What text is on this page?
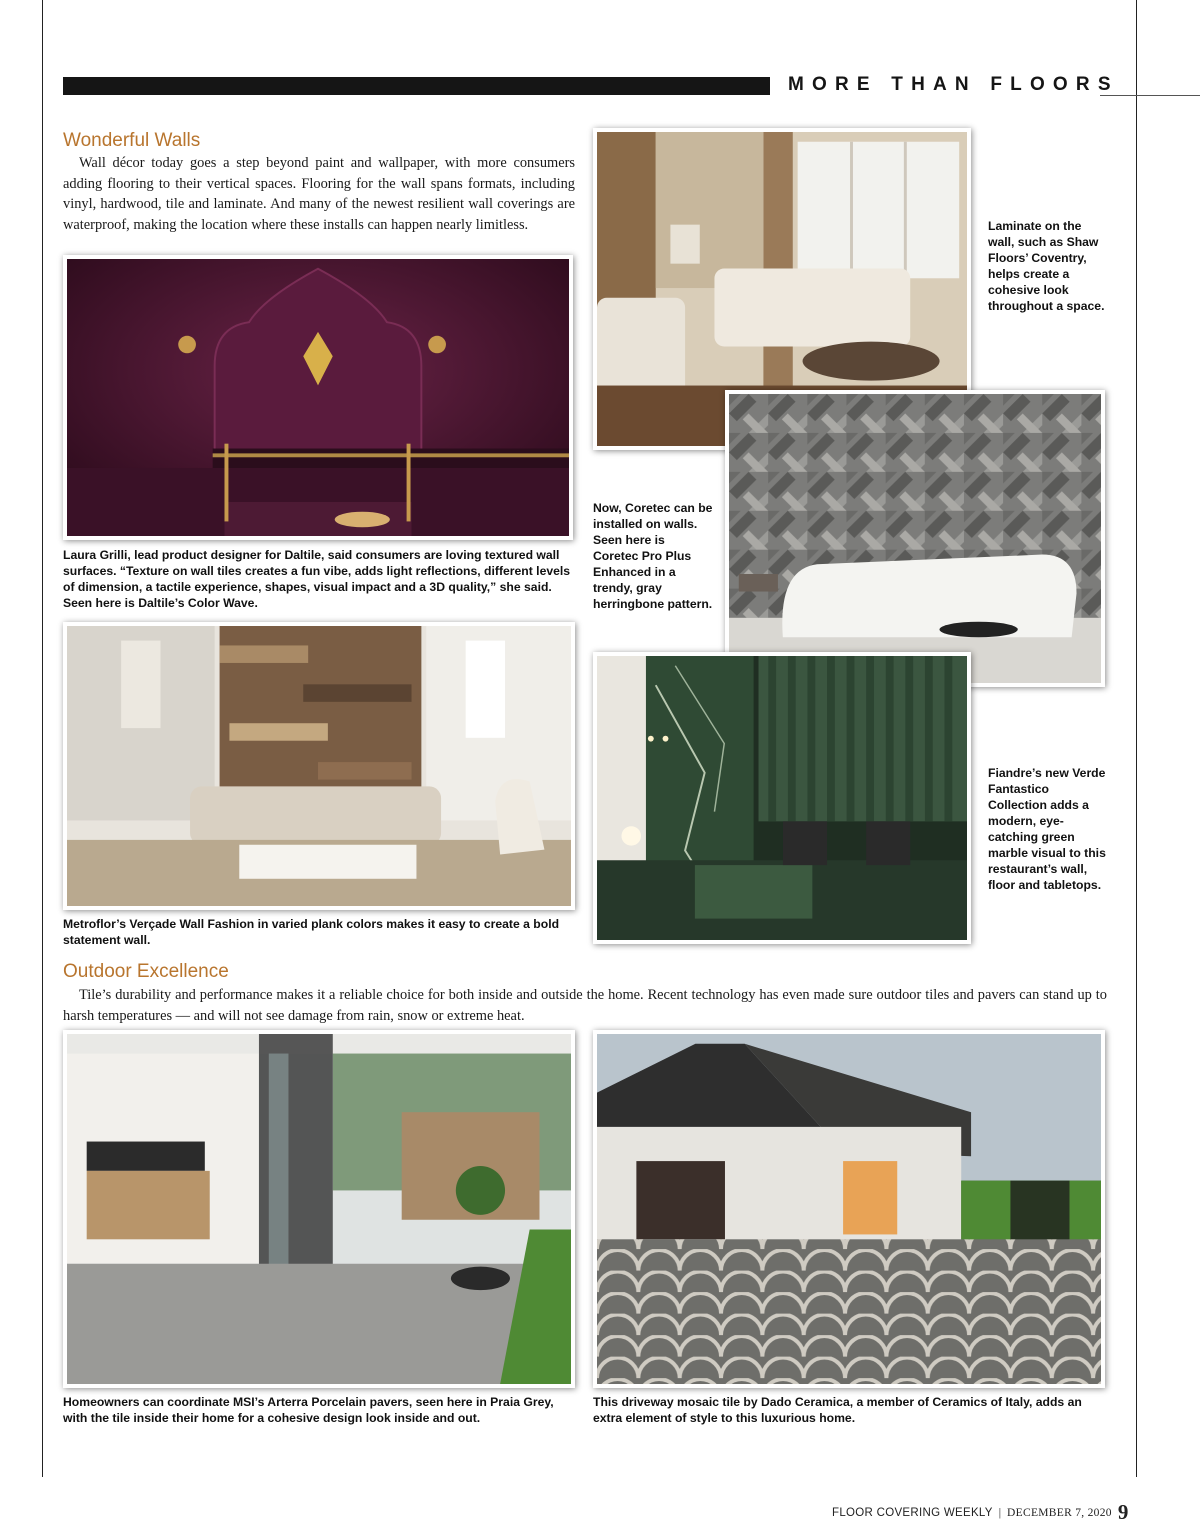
MORE THAN FLOORS
Wonderful Walls

Wall décor today goes a step beyond paint and wallpaper, with more consumers adding flooring to their vertical spaces. Flooring for the wall spans formats, including vinyl, hardwood, tile and laminate. And many of the newest resilient wall coverings are waterproof, making the location where these installs can happen nearly limitless.

Laura Grilli, lead product designer for Daltile, said consumers are loving textured wall surfaces. “Texture on wall tiles creates a fun vibe, adds light reflections, different levels of dimension, a tactile experience, shapes, visual impact and a 3D quality,” she said. Seen here is Daltile’s Color Wave.

Laminate on the wall, such as Shaw Floors’ Coventry, helps create a cohesive look throughout a space.

Now, Coretec can be installed on walls. Seen here is Coretec Pro Plus Enhanced in a trendy, gray herringbone pattern.

Metroflor’s Verçade Wall Fashion in varied plank colors makes it easy to create a bold statement wall.

Fiandre’s new Verde Fantastico Collection adds a modern, eye-catching green marble visual to this restaurant’s wall, floor and tabletops.

Outdoor Excellence

Tile’s durability and performance makes it a reliable choice for both inside and outside the home. Recent technology has even made sure outdoor tiles and pavers can stand up to harsh temperatures — and will not see damage from rain, snow or extreme heat.

Homeowners can coordinate MSI’s Arterra Porcelain pavers, seen here in Praia Grey, with the tile inside their home for a cohesive design look inside and out.

This driveway mosaic tile by Dado Ceramica, a member of Ceramics of Italy, adds an extra element of style to this luxurious home.

FLOOR COVERING WEEKLY | DECEMBER 7, 2020 9
